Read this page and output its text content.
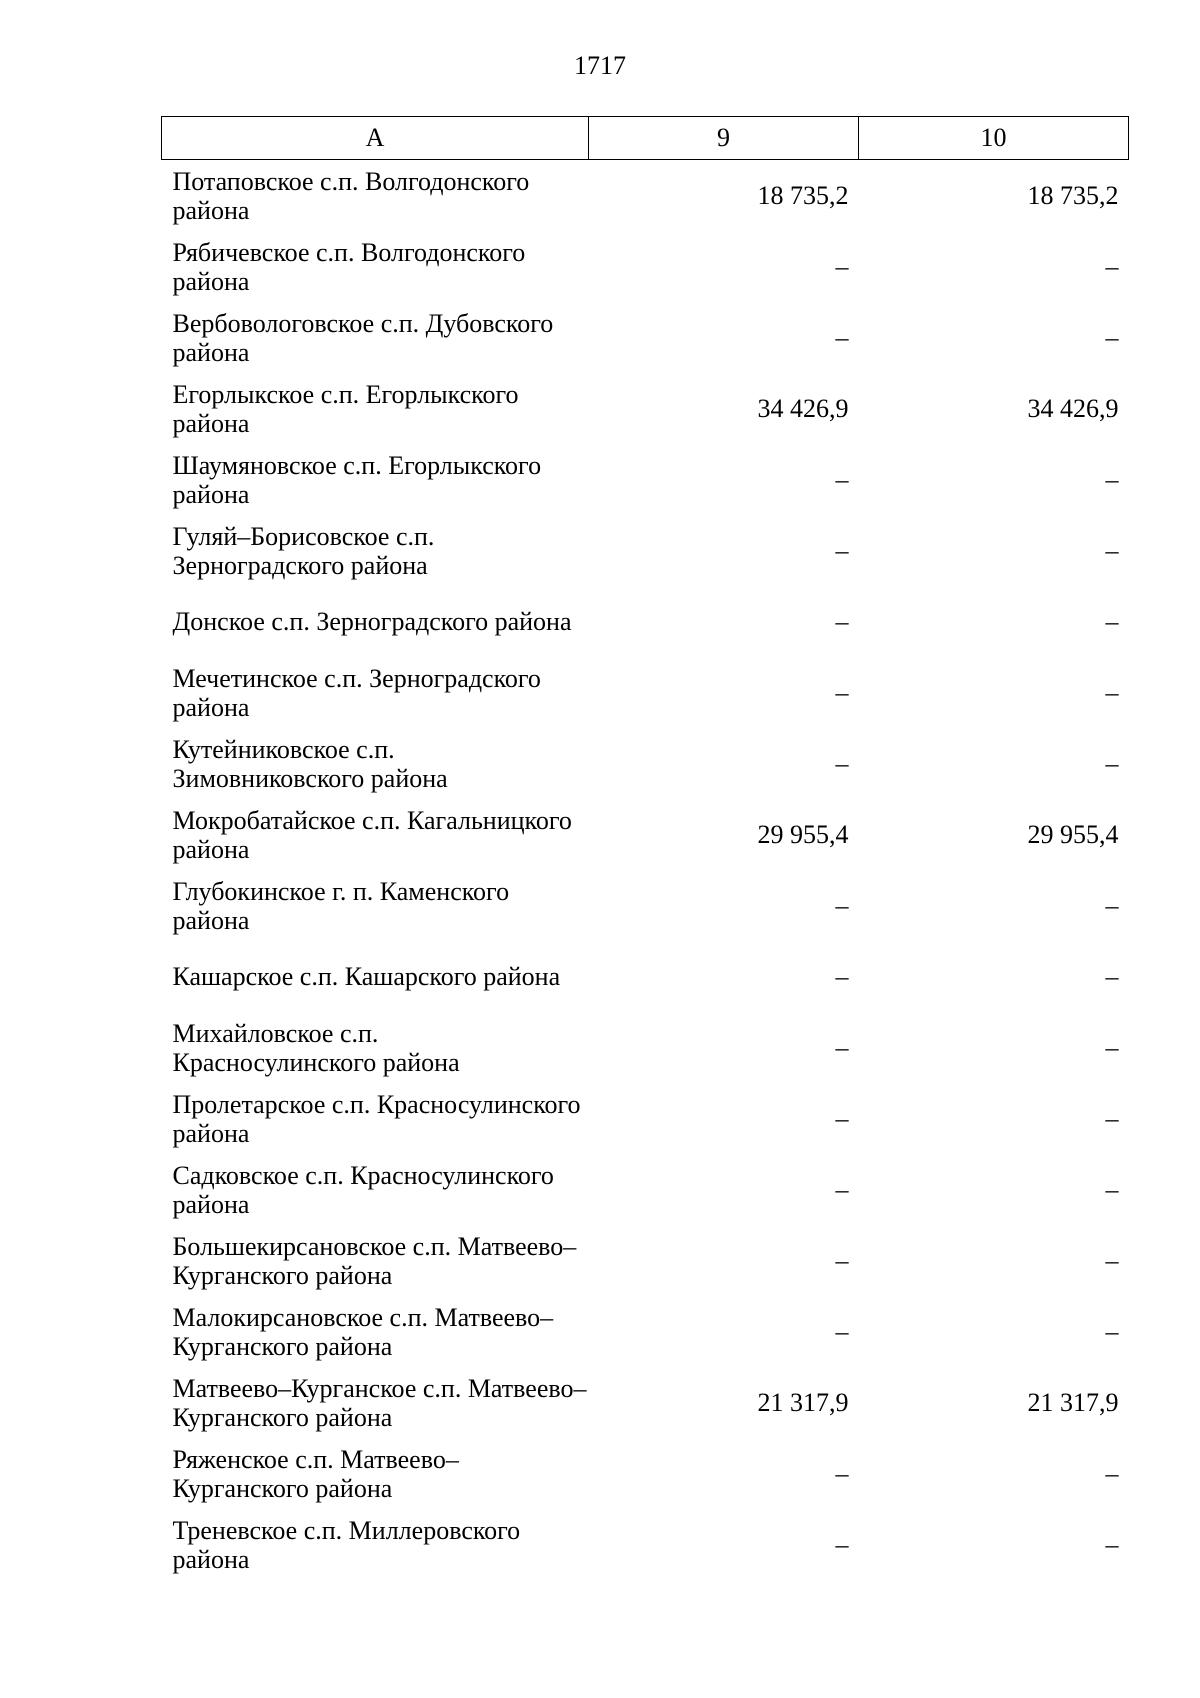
1717
А	9	10
Потаповское с.п. Волгодонского района	18 735,2	18 735,2
Рябичевское с.п. Волгодонского района	–	–
Вербовологовское с.п. Дубовского района	–	–
Егорлыкское с.п. Егорлыкского района	34 426,9	34 426,9
Шаумяновское с.п. Егорлыкского района	–	–
Гуляй–Борисовское с.п. Зерноградского района	–	–
Донское с.п. Зерноградского района	–	–
Мечетинское с.п. Зерноградского района	–	–
Кутейниковское с.п. Зимовниковского района	–	–
Мокробатайское с.п. Кагальницкого района	29 955,4	29 955,4
Глубокинское г. п. Каменского района	–	–
Кашарское с.п. Кашарского района	–	–
Михайловское с.п. Красносулинского района	–	–
Пролетарское с.п. Красносулинского района	–	–
Садковское с.п. Красносулинского района	–	–
Большекирсановское с.п. Матвеево–Курганского района	–	–
Малокирсановское с.п. Матвеево–Курганского района	–	–
Матвеево–Курганское с.п. Матвеево–Курганского района	21 317,9	21 317,9
Ряженское с.п. Матвеево–Курганского района	–	–
Треневское с.п. Миллеровского района	–	–
